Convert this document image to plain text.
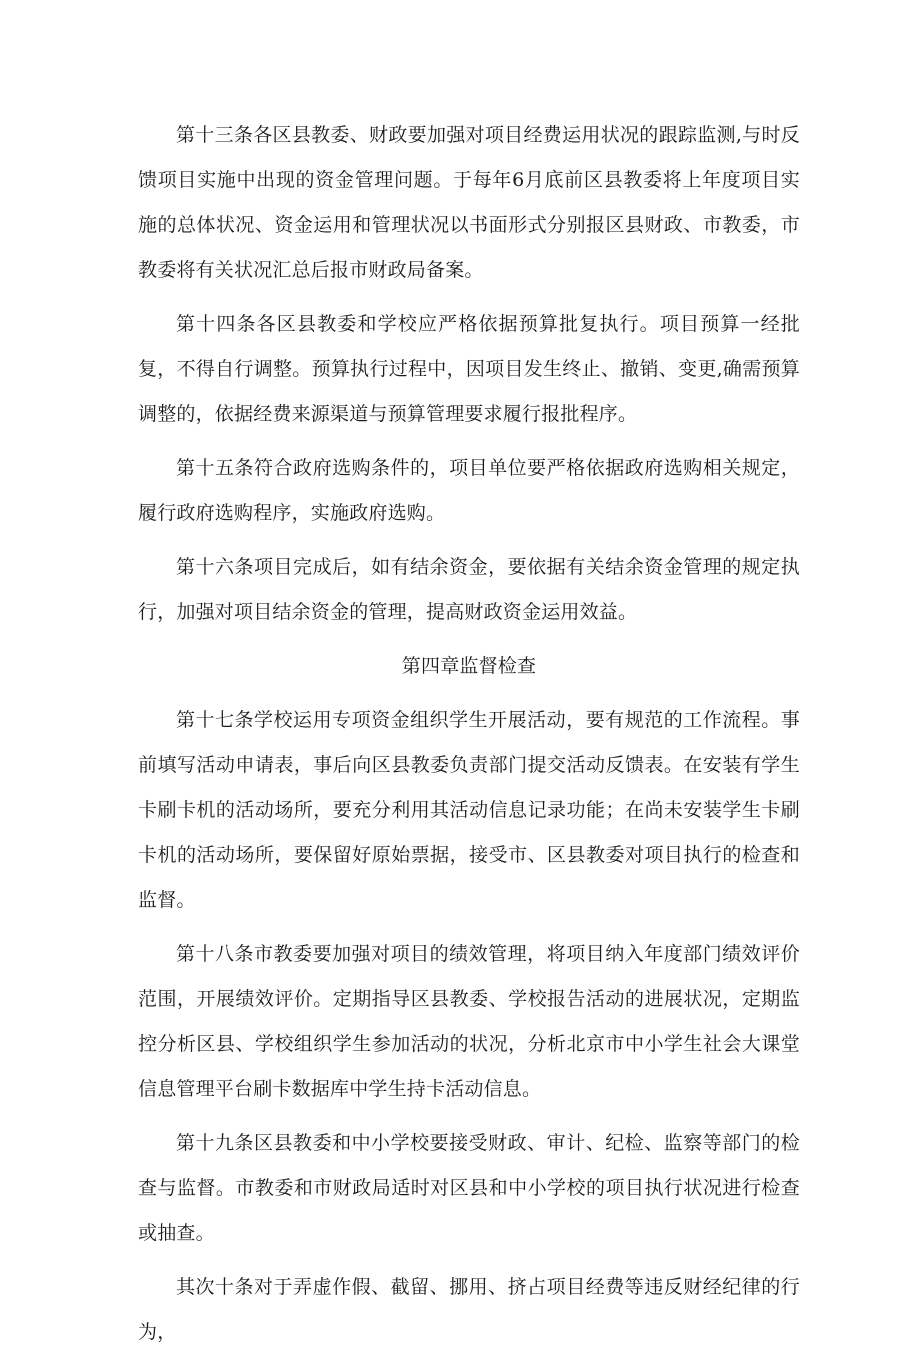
第十三条各区县教委、财政要加强对项目经费运用状况的跟踪监测,与时反馈项目实施中出现的资金管理问题。于每年6月底前区县教委将上年度项目实施的总体状况、资金运用和管理状况以书面形式分别报区县财政、市教委，市教委将有关状况汇总后报市财政局备案。

第十四条各区县教委和学校应严格依据预算批复执行。项目预算一经批复，不得自行调整。预算执行过程中，因项目发生终止、撤销、变更,确需预算调整的，依据经费来源渠道与预算管理要求履行报批程序。

第十五条符合政府选购条件的，项目单位要严格依据政府选购相关规定，履行政府选购程序，实施政府选购。

第十六条项目完成后，如有结余资金，要依据有关结余资金管理的规定执行，加强对项目结余资金的管理，提高财政资金运用效益。

第四章监督检查

第十七条学校运用专项资金组织学生开展活动，要有规范的工作流程。事前填写活动申请表，事后向区县教委负责部门提交活动反馈表。在安装有学生卡刷卡机的活动场所，要充分利用其活动信息记录功能；在尚未安装学生卡刷卡机的活动场所，要保留好原始票据，接受市、区县教委对项目执行的检查和监督。

第十八条市教委要加强对项目的绩效管理，将项目纳入年度部门绩效评价范围，开展绩效评价。定期指导区县教委、学校报告活动的进展状况，定期监控分析区县、学校组织学生参加活动的状况，分析北京市中小学生社会大课堂信息管理平台刷卡数据库中学生持卡活动信息。

第十九条区县教委和中小学校要接受财政、审计、纪检、监察等部门的检查与监督。市教委和市财政局适时对区县和中小学校的项目执行状况进行检查或抽查。

其次十条对于弄虚作假、截留、挪用、挤占项目经费等违反财经纪律的行为，
